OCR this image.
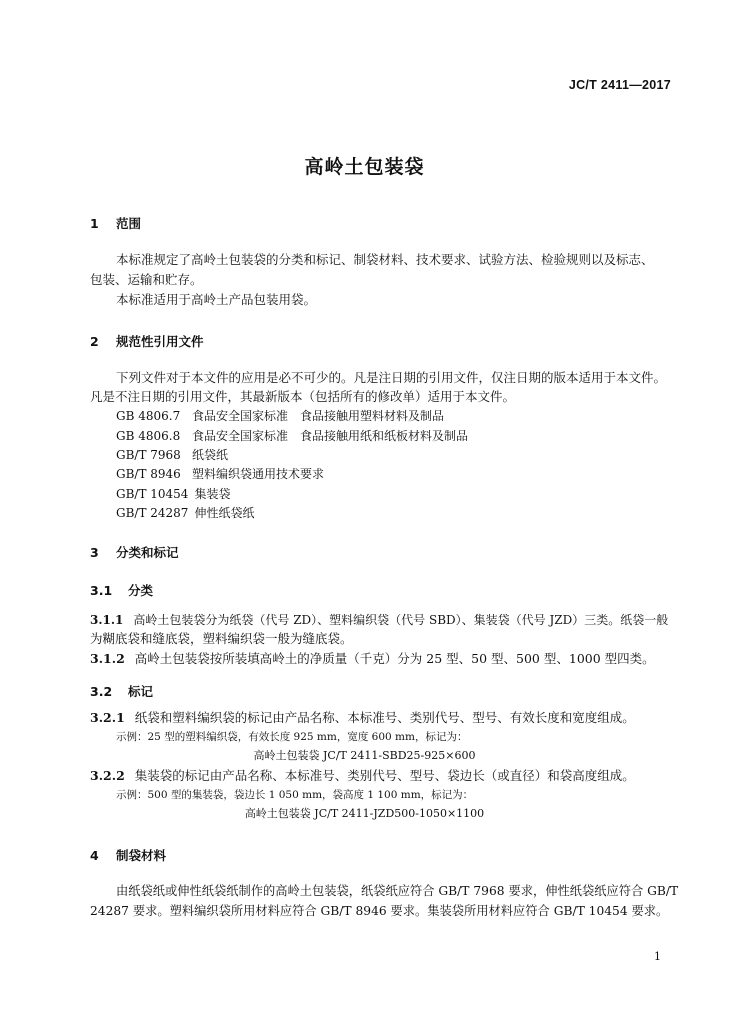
JC/T 2411—2017
高岭土包装袋
1 范围
本标准规定了高岭土包装袋的分类和标记、制袋材料、技术要求、试验方法、检验规则以及标志、
包装、运输和贮存。
本标准适用于高岭土产品包装用袋。
2 规范性引用文件
下列文件对于本文件的应用是必不可少的。凡是注日期的引用文件，仅注日期的版本适用于本文件。
凡是不注日期的引用文件，其最新版本（包括所有的修改单）适用于本文件。
GB 4806.7 食品安全国家标准　食品接触用塑料材料及制品
GB 4806.8 食品安全国家标准　食品接触用纸和纸板材料及制品
GB/T 7968 纸袋纸
GB/T 8946 塑料编织袋通用技术要求
GB/T 10454 集装袋
GB/T 24287 伸性纸袋纸
3 分类和标记
3.1 分类
3.1.1 高岭土包装袋分为纸袋（代号 ZD）、塑料编织袋（代号 SBD）、集装袋（代号 JZD）三类。纸袋一般
为糊底袋和缝底袋，塑料编织袋一般为缝底袋。
3.1.2 高岭土包装袋按所装填高岭土的净质量（千克）分为 25 型、50 型、500 型、1000 型四类。
3.2 标记
3.2.1 纸袋和塑料编织袋的标记由产品名称、本标准号、类别代号、型号、有效长度和宽度组成。
示例：25 型的塑料编织袋，有效长度 925 mm，宽度 600 mm，标记为：
高岭土包装袋 JC/T 2411-SBD25-925×600
3.2.2 集装袋的标记由产品名称、本标准号、类别代号、型号、袋边长（或直径）和袋高度组成。
示例：500 型的集装袋，袋边长 1 050 mm，袋高度 1 100 mm，标记为：
高岭土包装袋 JC/T 2411-JZD500-1050×1100
4 制袋材料
由纸袋纸或伸性纸袋纸制作的高岭土包装袋，纸袋纸应符合 GB/T 7968 要求，伸性纸袋纸应符合 GB/T
24287 要求。塑料编织袋所用材料应符合 GB/T 8946 要求。集装袋所用材料应符合 GB/T 10454 要求。
1
